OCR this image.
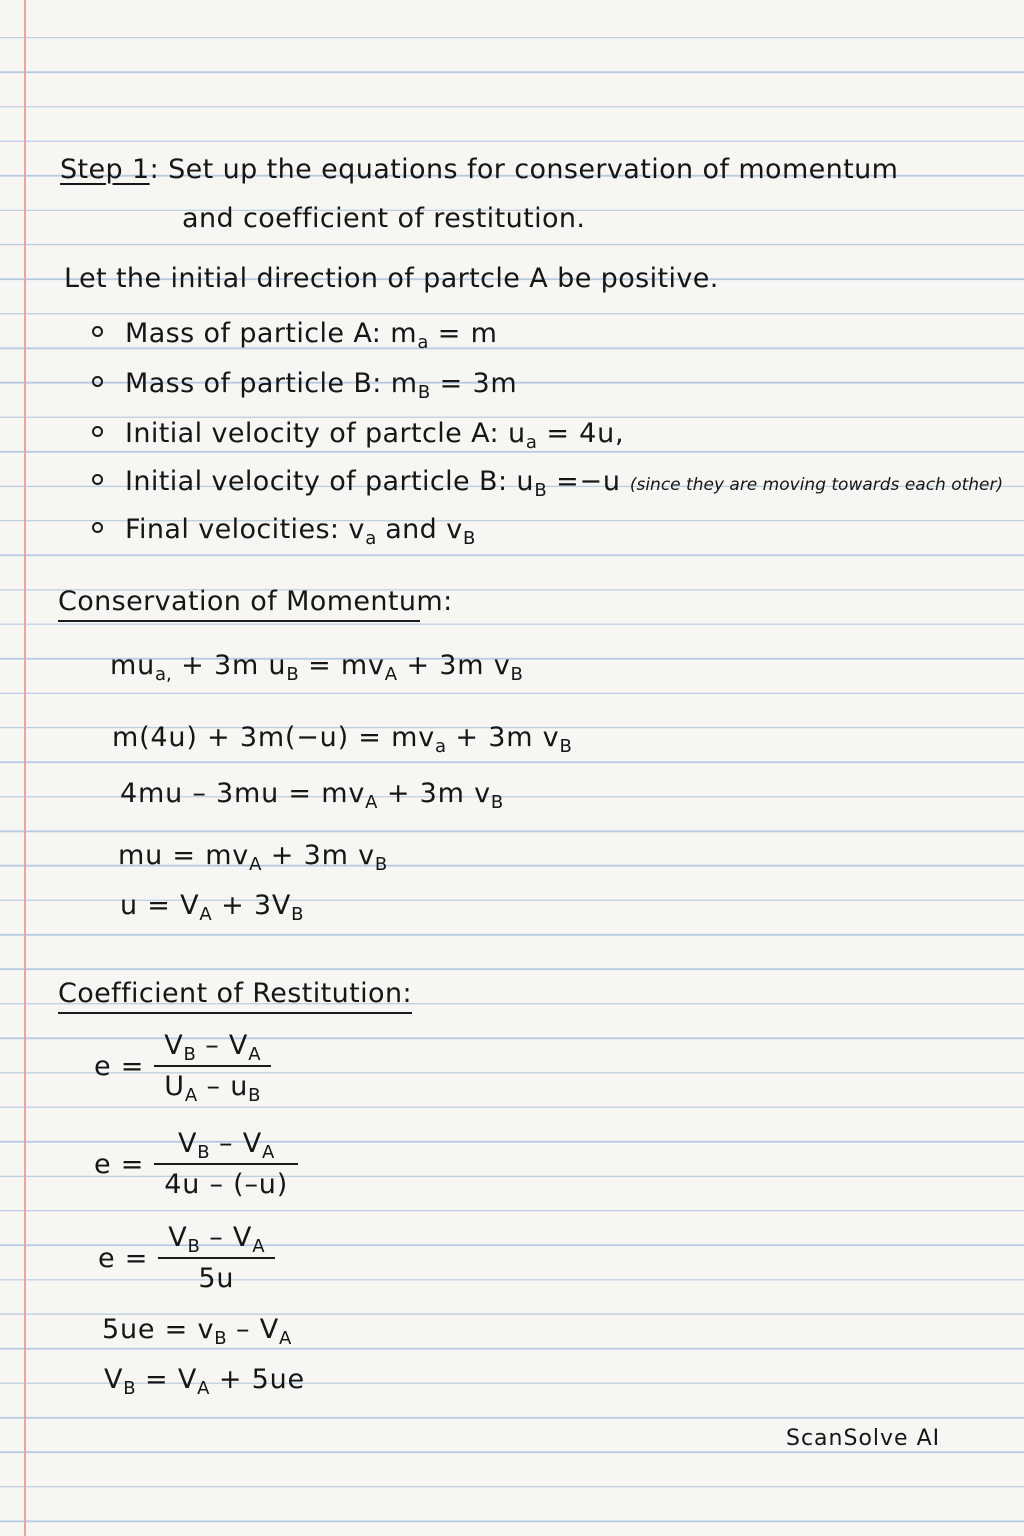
Step 1: Set up the equations for conservation of momentum
and coefficient of restitution.
Let the initial direction of partcle A be positive.
Mass of particle A: $m_a = m$
Mass of particle B: $m_B = 3m$
Initial velocity of partcle A: $u_a = 4u$,
Initial velocity of particle B: $u_B =-u$ (since they are moving towards each other)
Final velocities: $v_a$ and $v_B$
Conservation of Momentum:
$mu_{a,} + 3m$ $u_B = mv_A + 3m$ $v_B$
$m(4u) + 3m(-u) = mv_a + 3m$ $v_B$
$4mu - 3mu = mv_A + 3m$ $v_B$
mu = $mv_A + 3m$ $v_B$
$u = V_A + 3V_B$
Coefficient of Restitution:
$e = \frac{V_B - V_A}{U_A - u_B}$
$e = \frac{V_B - V_A}{4u - (-u)}$
$e = \frac{V_B - V_A}{5u}$
$5ue = v_B - V_A$
$V_B = V_A + 5ue$
ScanSolve AI
